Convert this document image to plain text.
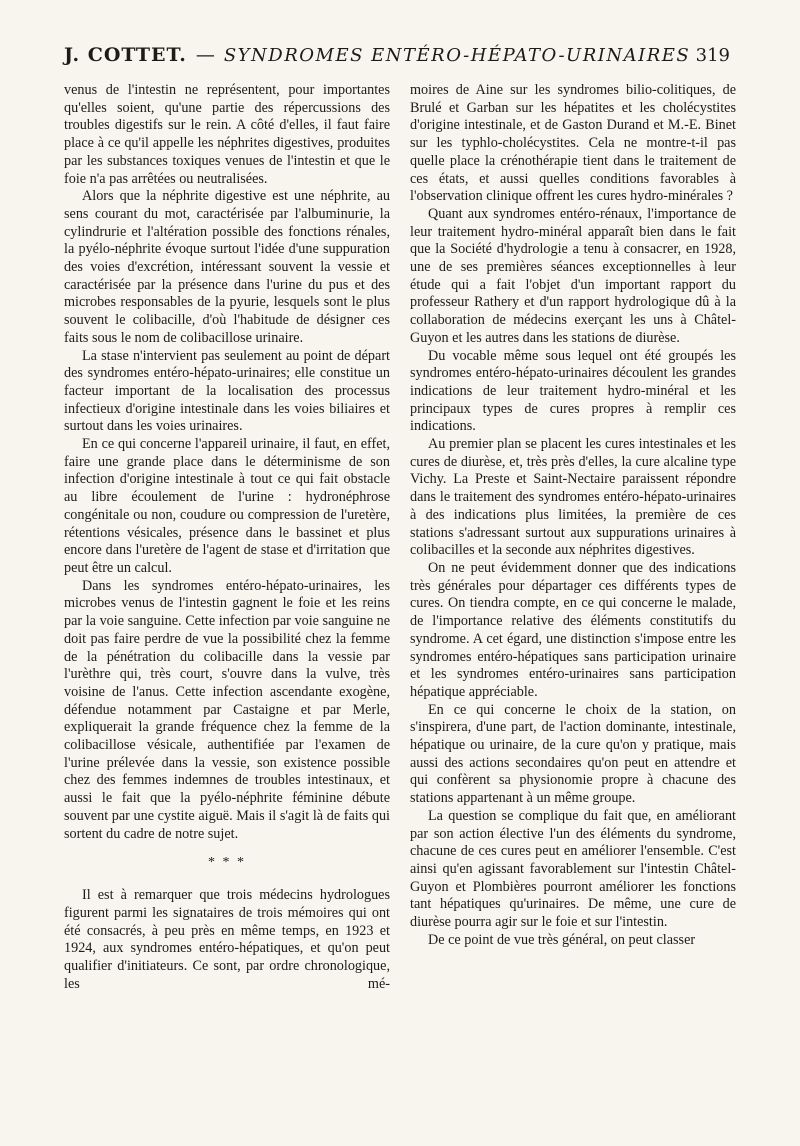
J. COTTET. — SYNDROMES ENTÉRO-HÉPATO-URINAIRES 319

venus de l'intestin ne représentent, pour importantes qu'elles soient, qu'une partie des répercussions des troubles digestifs sur le rein. A côté d'elles, il faut faire place à ce qu'il appelle les néphrites digestives, produites par les substances toxiques venues de l'intestin et que le foie n'a pas arrêtées ou neutralisées.

Alors que la néphrite digestive est une néphrite, au sens courant du mot, caractérisée par l'albuminurie, la cylindrurie et l'altération possible des fonctions rénales, la pyélo-néphrite évoque surtout l'idée d'une suppuration des voies d'excrétion, intéressant souvent la vessie et caractérisée par la présence dans l'urine du pus et des microbes responsables de la pyurie, lesquels sont le plus souvent le colibacille, d'où l'habitude de désigner ces faits sous le nom de colibacillose urinaire.

La stase n'intervient pas seulement au point de départ des syndromes entéro-hépato-urinaires; elle constitue un facteur important de la localisation des processus infectieux d'origine intestinale dans les voies biliaires et surtout dans les voies urinaires.

En ce qui concerne l'appareil urinaire, il faut, en effet, faire une grande place dans le déterminisme de son infection d'origine intestinale à tout ce qui fait obstacle au libre écoulement de l'urine : hydronéphrose congénitale ou non, coudure ou compression de l'uretère, rétentions vésicales, présence dans le bassinet et plus encore dans l'uretère de l'agent de stase et d'irritation que peut être un calcul.

Dans les syndromes entéro-hépato-urinaires, les microbes venus de l'intestin gagnent le foie et les reins par la voie sanguine. Cette infection par voie sanguine ne doit pas faire perdre de vue la possibilité chez la femme de la pénétration du colibacille dans la vessie par l'urèthre qui, très court, s'ouvre dans la vulve, très voisine de l'anus. Cette infection ascendante exogène, défendue notamment par Castaigne et par Merle, expliquerait la grande fréquence chez la femme de la colibacillose vésicale, authentifiée par l'examen de l'urine prélevée dans la vessie, son existence possible chez des femmes indemnes de troubles intestinaux, et aussi le fait que la pyélo-néphrite féminine débute souvent par une cystite aiguë. Mais il s'agit là de faits qui sortent du cadre de notre sujet.

* * *

Il est à remarquer que trois médecins hydrologues figurent parmi les signataires de trois mémoires qui ont été consacrés, à peu près en même temps, en 1923 et 1924, aux syndromes entéro-hépatiques, et qu'on peut qualifier d'initiateurs. Ce sont, par ordre chronologique, les mé-

moires de Aine sur les syndromes bilio-colitiques, de Brulé et Garban sur les hépatites et les cholécystites d'origine intestinale, et de Gaston Durand et M.-E. Binet sur les typhlo-cholécystites. Cela ne montre-t-il pas quelle place la crénothérapie tient dans le traitement de ces états, et aussi quelles conditions favorables à l'observation clinique offrent les cures hydro-minérales ?

Quant aux syndromes entéro-rénaux, l'importance de leur traitement hydro-minéral apparaît bien dans le fait que la Société d'hydrologie a tenu à consacrer, en 1928, une de ses premières séances exceptionnelles à leur étude qui a fait l'objet d'un important rapport du professeur Rathery et d'un rapport hydrologique dû à la collaboration de médecins exerçant les uns à Châtel-Guyon et les autres dans les stations de diurèse.

Du vocable même sous lequel ont été groupés les syndromes entéro-hépato-urinaires découlent les grandes indications de leur traitement hydro-minéral et les principaux types de cures propres à remplir ces indications.

Au premier plan se placent les cures intestinales et les cures de diurèse, et, très près d'elles, la cure alcaline type Vichy. La Preste et Saint-Nectaire paraissent répondre dans le traitement des syndromes entéro-hépato-urinaires à des indications plus limitées, la première de ces stations s'adressant surtout aux suppurations urinaires à colibacilles et la seconde aux néphrites digestives.

On ne peut évidemment donner que des indications très générales pour départager ces différents types de cures. On tiendra compte, en ce qui concerne le malade, de l'importance relative des éléments constitutifs du syndrome. A cet égard, une distinction s'impose entre les syndromes entéro-hépatiques sans participation urinaire et les syndromes entéro-urinaires sans participation hépatique appréciable.

En ce qui concerne le choix de la station, on s'inspirera, d'une part, de l'action dominante, intestinale, hépatique ou urinaire, de la cure qu'on y pratique, mais aussi des actions secondaires qu'on peut en attendre et qui confèrent sa physionomie propre à chacune des stations appartenant à un même groupe.

La question se complique du fait que, en améliorant par son action élective l'un des éléments du syndrome, chacune de ces cures peut en améliorer l'ensemble. C'est ainsi qu'en agissant favorablement sur l'intestin Châtel-Guyon et Plombières pourront améliorer les fonctions tant hépatiques qu'urinaires. De même, une cure de diurèse pourra agir sur le foie et sur l'intestin.

De ce point de vue très général, on peut classer
